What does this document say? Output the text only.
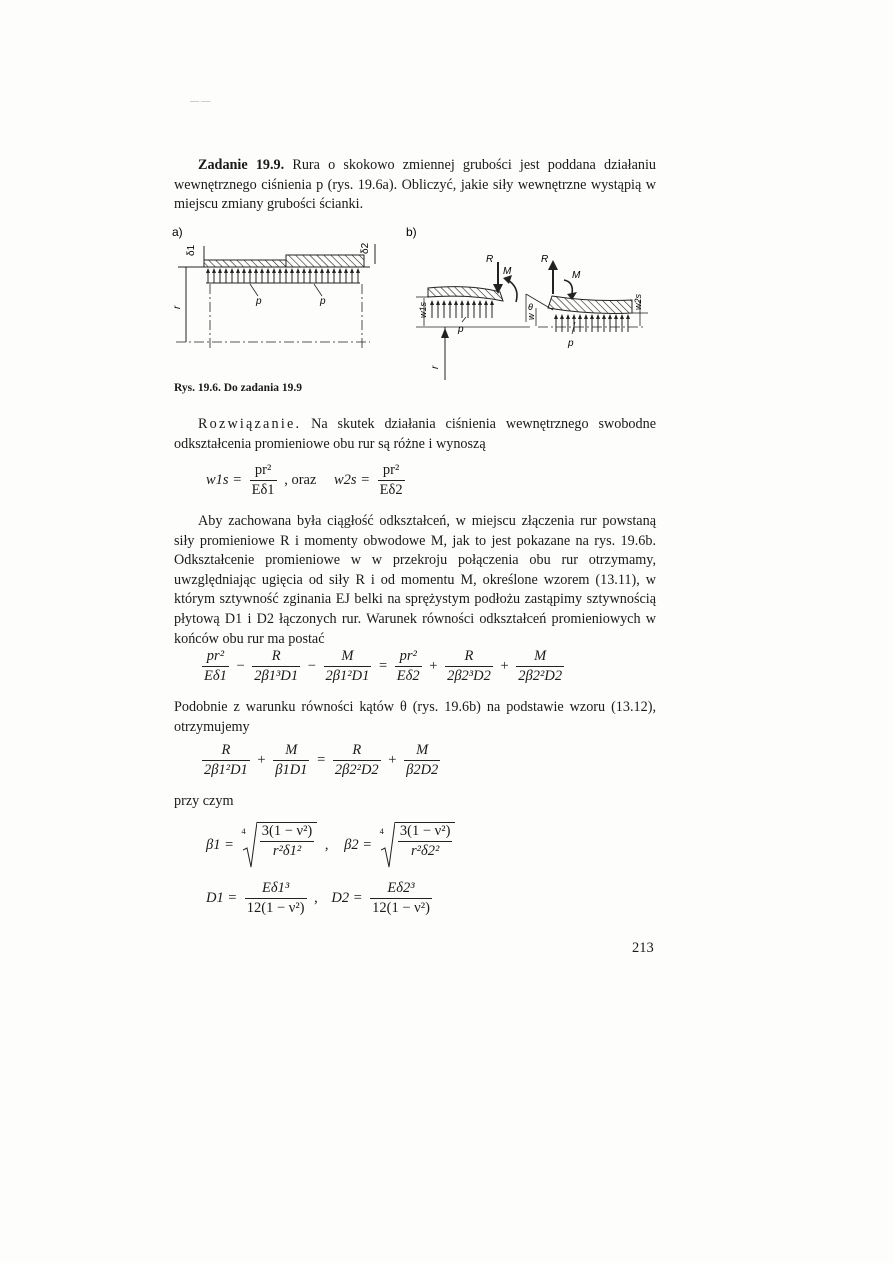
— —
Zadanie 19.9. Rura o skokowo zmiennej grubości jest poddana działaniu wewnętrznego ciśnienia p (rys. 19.6a). Obliczyć, jakie siły wewnętrzne wystąpią w miejscu zmiany grubości ścianki.
a)
δ1	δ2
p	p
r
b)
R
M
R
M
θ
w1s	w
w2s
p
p
r
Rys. 19.6. Do zadania 19.9
Rozwiązanie. Na skutek działania ciśnienia wewnętrznego swobodne odkształcenia promieniowe obu rur są różne i wynoszą
$w1s = \frac{\text{pr²}}{E\delta 1}$ , oraz $w2s = \frac{\text{pr²}}{E\delta 2}$
Aby zachowana była ciągłość odkształceń, w miejscu złączenia rur powstaną siły promieniowe R i momenty obwodowe M, jak to jest pokazane na rys. 19.6b. Odkształcenie promieniowe w w przekroju połączenia obu rur otrzymamy, uwzględniając ugięcia od siły R i od momentu M, określone wzorem (13.11), w którym sztywność zginania EJ belki na sprężystym podłożu zastąpimy sztywnością płytową D1 i D2 łączonych rur. Warunek równości odkształceń promieniowych w końców obu rur ma postać
$\frac{\text{pr²}}{E\delta 1} - \frac{R}{\text{2β1³D1}} - \frac{M}{\text{2β1²D1}} = \frac{\text{pr²}}{E\delta 2} + \frac{R}{\text{2β2³D2}} + \frac{M}{\text{2β2²D2}}$
Podobnie z warunku równości kątów θ (rys. 19.6b) na podstawie wzoru (13.12), otrzymujemy
$\frac{R}{\text{2β1²D1}} + \frac{M}{\beta 1D1} = \frac{R}{\text{2β2²D2}} + \frac{M}{\beta 2D2}$
przy czym
β1 =
$4 \frac{\text{3(1 − ν²)}}{\text{r²δ1²}}$ , β2 =
$4 \frac{\text{3(1 − ν²)}}{\text{r²δ2²}}$
$D1 = \frac{\text{Eδ1³}}{\text{12(1 − ν²)}}$ , $D2 = \frac{\text{Eδ2³}}{\text{12(1 − ν²)}}$
213
